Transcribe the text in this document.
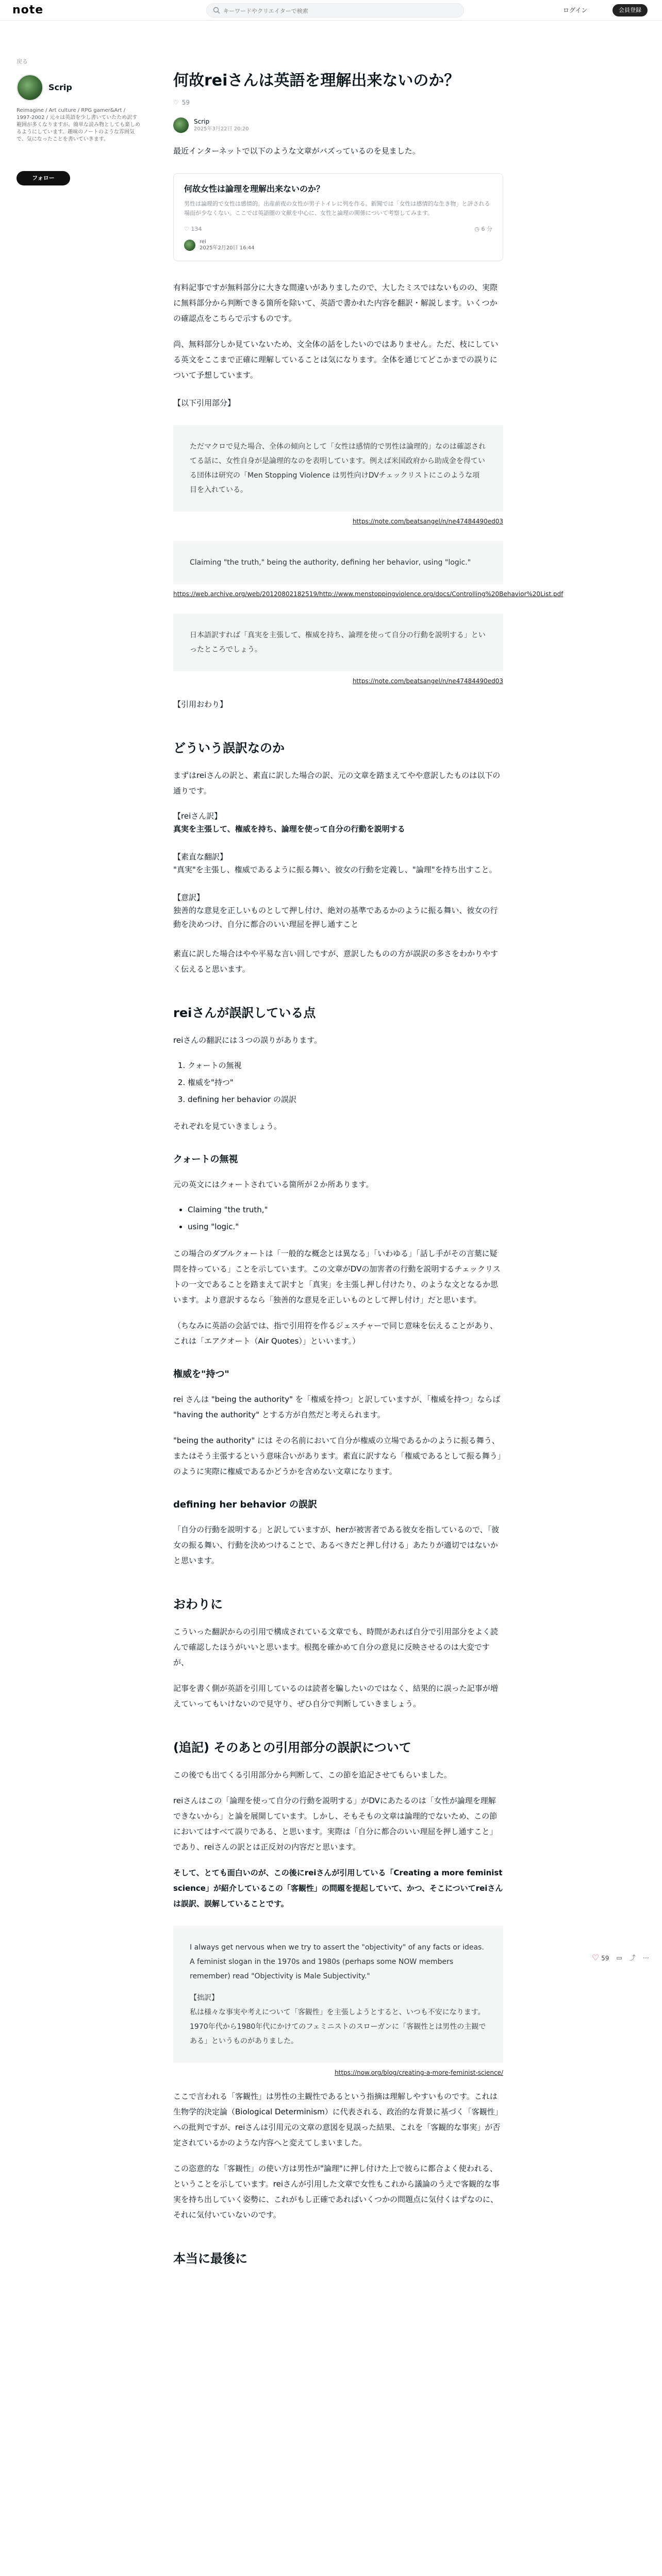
note
キーワードやクリエイターで検索	ログイン	会員登録
戻る
Scrip
Reimagine / Art culture / RPG gamer&Art / 1997-2002 / 元々は英語を少し書いていたため訳す範囲が多くなりますが、簡単な読み物としても楽しめるようにしています。趣味のノートのような雰囲気で、気になったことを書いていきます。
フォロー
何故reiさんは英語を理解出来ないのか？
♡ 59
Scrip
2025年3月22日 20:20

最近インターネットで以下のような文章がバズっているのを見ました。

何故女性は論理を理解出来ないのか？
男性は論理的で女性は感情的。出産前夜の女性が男子トイレに列を作る。新聞では「女性は感情的な生き物」と評される場面が少なくない。ここでは英語圏の文献を中心に、女性と論理の関係について考察してみます。
♡ 134	◷ 6 分
rei
2025年2月20日 16:44

有料記事ですが無料部分に大きな間違いがありましたので、大したミスではないものの、実際に無料部分から判断できる箇所を除いて、英語で書かれた内容を翻訳・解説します。いくつかの確認点をこちらで示すものです。

尚、無料部分しか見ていないため、文全体の話をしたいのではありません。ただ、枝にしている英文をここまで正確に理解していることは気になります。全体を通じてどこかまでの誤りについて予想しています。

【以下引用部分】

ただマクロで見た場合、全体の傾向として「女性は感情的で男性は論理的」なのは確認されてる話に、女性自身が是論理的なのを表明しています。例えば米国政府から助成金を得ている団体は研究の「Men Stopping Violence は男性向けDVチェックリストにこのような項目を入れている。
https://note.com/beatsangel/n/ne47484490ed03
Claiming "the truth," being the authority, defining her behavior, using "logic."
https://web.archive.org/web/20120802182519/http://www.menstoppingviolence.org/docs/Controlling%20Behavior%20List.pdf
日本語訳すれば「真実を主張して、権威を持ち、論理を使って自分の行動を説明する」といったところでしょう。
https://note.com/beatsangel/n/ne47484490ed03

【引用おわり】

どういう誤訳なのか

まずはreiさんの訳と、素直に訳した場合の訳、元の文章を踏まえてやや意訳したものは以下の通りです。

【reiさん訳】
真実を主張して、権威を持ち、論理を使って自分の行動を説明する
【素直な翻訳】
"真実"を主張し、権威であるように振る舞い、彼女の行動を定義し、"論理"を持ち出すこと。
【意訳】
独善的な意見を正しいものとして押し付け、絶対の基準であるかのように振る舞い、彼女の行動を決めつけ、自分に都合のいい理屈を押し通すこと

素直に訳した場合はやや平易な言い回しですが、意訳したものの方が誤訳の多さをわかりやすく伝えると思います。

reiさんが誤訳している点

reiさんの翻訳には３つの誤りがあります。

1. クォートの無視
2. 権威を"持つ"
3. defining her behavior の誤訳

それぞれを見ていきましょう。

クォートの無視

元の英文にはクォートされている箇所が２か所あります。

• Claiming "the truth,"
• using "logic."

この場合のダブルクォートは「一般的な概念とは異なる」「いわゆる」「話し手がその言葉に疑問を持っている」ことを示しています。この文章がDVの加害者の行動を説明するチェックリストの一文であることを踏まえて訳すと「真実」を主張し押し付けたり、のような文となるか思います。より意訳するなら「独善的な意見を正しいものとして押し付け」だと思います。

（ちなみに英語の会話では、指で引用符を作るジェスチャーで同じ意味を伝えることがあり、これは「エアクオート（Air Quotes）」といいます。）

権威を"持つ"

rei さんは "being the authority" を「権威を持つ」と訳していますが、「権威を持つ」ならば "having the authority" とする方が自然だと考えられます。

"being the authority" には その名前において自分が権威の立場であるかのように振る舞う、またはそう主張するという意味合いがあります。素直に訳すなら「権威であるとして振る舞う」のように実際に権威であるかどうかを含めない文章になります。

defining her behavior の誤訳

「自分の行動を説明する」と訳していますが、herが被害者である彼女を指しているので、「彼女の振る舞い、行動を決めつけることで、あるべきだと押し付ける」あたりが適切ではないかと思います。

おわりに

こういった翻訳からの引用で構成されている文章でも、時間があれば自分で引用部分をよく読んで確認したほうがいいと思います。根拠を確かめて自分の意見に反映させるのは大変ですが、

記事を書く側が英語を引用しているのは読者を騙したいのではなく、結果的に誤った記事が増えていってもいけないので見守り、ぜひ自分で判断していきましょう。

(追記) そのあとの引用部分の誤訳について

この後でも出てくる引用部分から判断して、この節を追記させてもらいました。

reiさんはこの「論理を使って自分の行動を説明する」がDVにあたるのは「女性が論理を理解できないから」と論を展開しています。しかし、そもそもの文章は論理的でないため、この節においてはすべて誤りである、と思います。実際は「自分に都合のいい理屈を押し通すこと」であり、reiさんの訳とは正反対の内容だと思います。

そして、とても面白いのが、この後にreiさんが引用している「Creating a more feminist science」が紹介しているこの「客観性」の問題を提起していて、かつ、そこについてreiさんは誤訳、誤解していることです。

I always get nervous when we try to assert the "objectivity" of any facts or ideas. A feminist slogan in the 1970s and 1980s (perhaps some NOW members remember) read "Objectivity is Male Subjectivity."
【拙訳】
私は様々な事実や考えについて「客観性」を主張しようとすると、いつも不安になります。1970年代から1980年代にかけてのフェミニストのスローガンに「客観性とは男性の主観である」というものがありました。
https://now.org/blog/creating-a-more-feminist-science/

ここで言われる「客観性」は男性の主観性であるという指摘は理解しやすいものです。これは生物学的決定論（Biological Determinism）に代表される、政治的な背景に基づく「客観性」への批判ですが、reiさんは引用元の文章の意図を見誤った結果、これを「客観的な事実」が否定されているかのような内容へと変えてしまいました。

この恣意的な「客観性」の使い方は男性が"論理"に押し付けた上で彼らに都合よく使われる、ということを示しています。reiさんが引用した文章で女性もこれから議論のうえで客観的な事実を持ち出していく姿勢に、これがもし正確であればいくつかの問題点に気付くはずなのに、それに気付いていないのです。

本当に最後に
♡ 59 ▭ ⤴ ⋯
